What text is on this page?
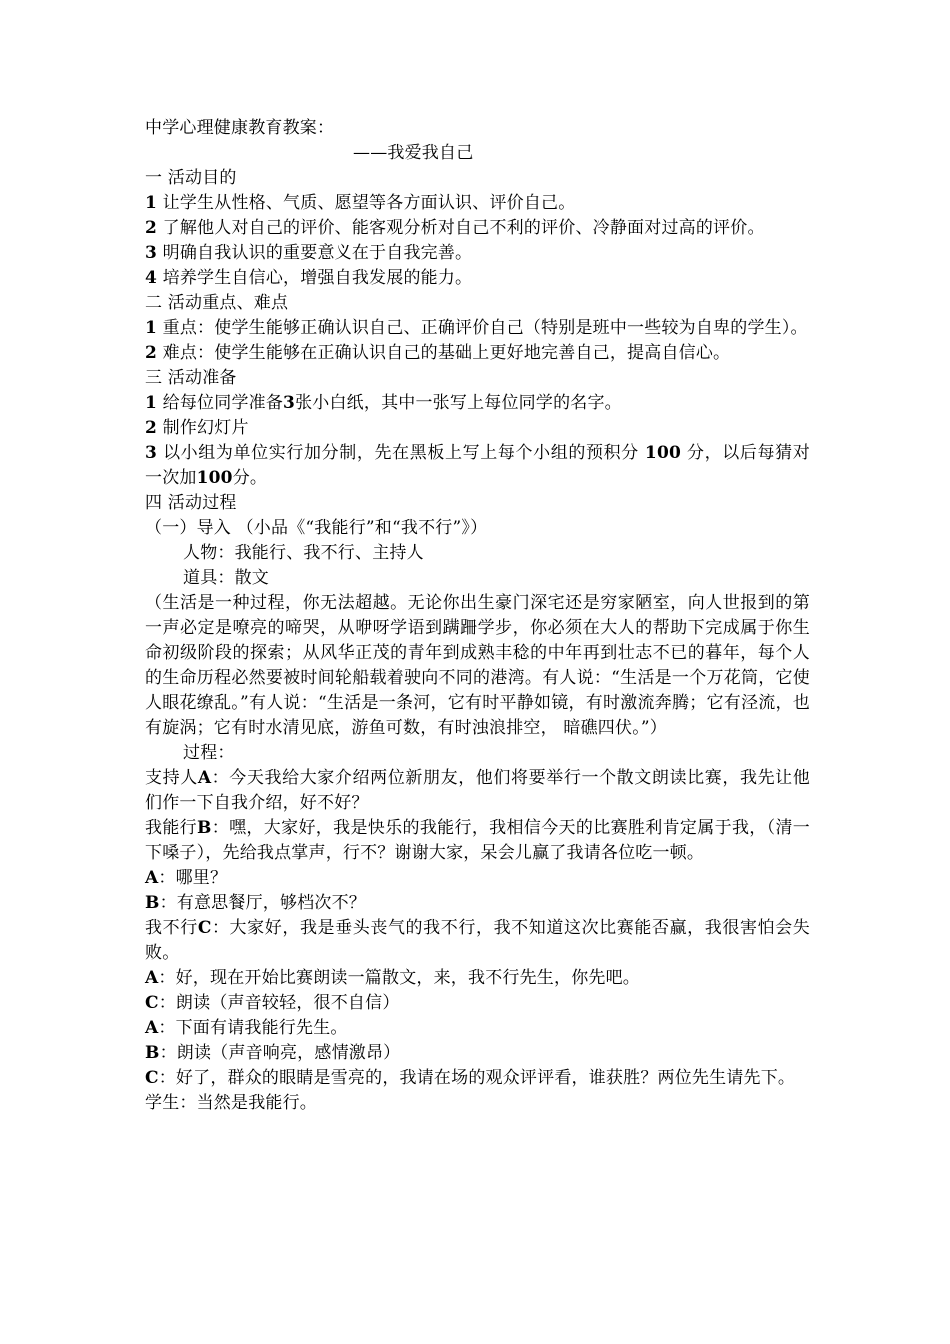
中学心理健康教育教案：
——我爱我自己
一 活动目的

1 让学生从性格、气质、愿望等各方面认识、评价自己。

2 了解他人对自己的评价、能客观分析对自己不利的评价、冷静面对过高的评价。

3 明确自我认识的重要意义在于自我完善。

4 培养学生自信心，增强自我发展的能力。

二 活动重点、难点

1 重点：使学生能够正确认识自己、正确评价自己（特别是班中一些较为自卑的学生）。

2 难点：使学生能够在正确认识自己的基础上更好地完善自己，提高自信心。

三 活动准备

1 给每位同学准备3张小白纸，其中一张写上每位同学的名字。

2 制作幻灯片

3 以小组为单位实行加分制，先在黑板上写上每个小组的预积分 100 分，以后每猜对一次加100分。

四 活动过程
（一）导入 （小品《“我能行”和“我不行”》）
人物：我能行、我不行、主持人
道具：散文

（生活是一种过程，你无法超越。无论你出生豪门深宅还是穷家陋室，向人世报到的第一声必定是嘹亮的啼哭，从咿呀学语到蹒跚学步，你必须在大人的帮助下完成属于你生命初级阶段的探索；从风华正茂的青年到成熟丰稔的中年再到壮志不已的暮年，每个人的生命历程必然要被时间轮船载着驶向不同的港湾。有人说：“生活是一个万花筒，它使人眼花缭乱。”有人说：“生活是一条河，它有时平静如镜，有时激流奔腾；它有泾流，也有旋涡；它有时水清见底，游鱼可数，有时浊浪排空， 暗礁四伏。”）

过程：

支持人A：今天我给大家介绍两位新朋友，他们将要举行一个散文朗读比赛，我先让他们作一下自我介绍，好不好？

我能行B：嘿，大家好，我是快乐的我能行，我相信今天的比赛胜利肯定属于我，（清一下嗓子），先给我点掌声，行不？谢谢大家，呆会儿赢了我请各位吃一顿。

A：哪里？

B：有意思餐厅，够档次不？

我不行C：大家好，我是垂头丧气的我不行，我不知道这次比赛能否赢，我很害怕会失败。

A：好，现在开始比赛朗读一篇散文，来，我不行先生，你先吧。

C：朗读（声音较轻，很不自信）

A：下面有请我能行先生。

B：朗读（声音响亮，感情激昂）

C：好了，群众的眼睛是雪亮的，我请在场的观众评评看，谁获胜？两位先生请先下。

学生：当然是我能行。
